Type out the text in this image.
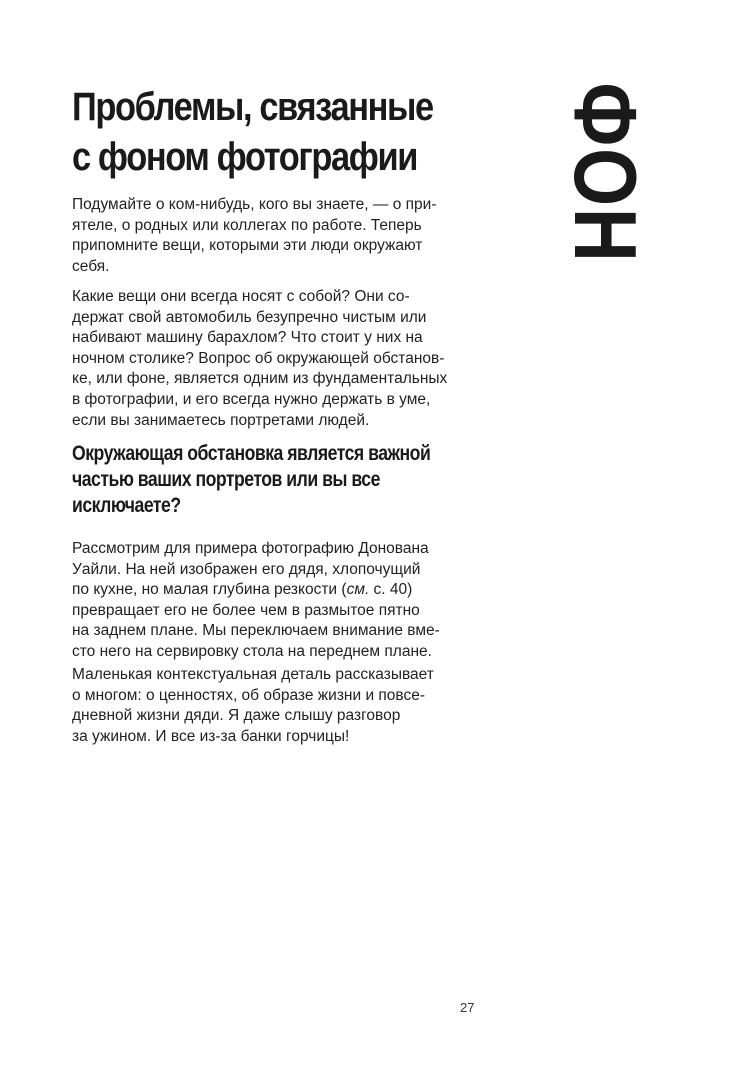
Проблемы, связанные
с фоном фотографии	ФОН

Подумайте о ком-нибудь, кого вы знаете, — о при-
ятеле, о родных или коллегах по работе. Теперь
припомните вещи, которыми эти люди окружают
себя.

Какие вещи они всегда носят с собой? Они со-
держат свой автомобиль безупречно чистым или
набивают машину барахлом? Что стоит у них на
ночном столике? Вопрос об окружающей обстанов-
ке, или фоне, является одним из фундаментальных
в фотографии, и его всегда нужно держать в уме,
если вы занимаетесь портретами людей.

Окружающая обстановка является важной
частью ваших портретов или вы все
исключаете?

Рассмотрим для примера фотографию Донована
Уайли. На ней изображен его дядя, хлопочущий
по кухне, но малая глубина резкости (см. с. 40)
превращает его не более чем в размытое пятно
на заднем плане. Мы переключаем внимание вме-
сто него на сервировку стола на переднем плане.

Маленькая контекстуальная деталь рассказывает
о многом: о ценностях, об образе жизни и повсе-
дневной жизни дяди. Я даже слышу разговор
за ужином. И все из-за банки горчицы!

27
